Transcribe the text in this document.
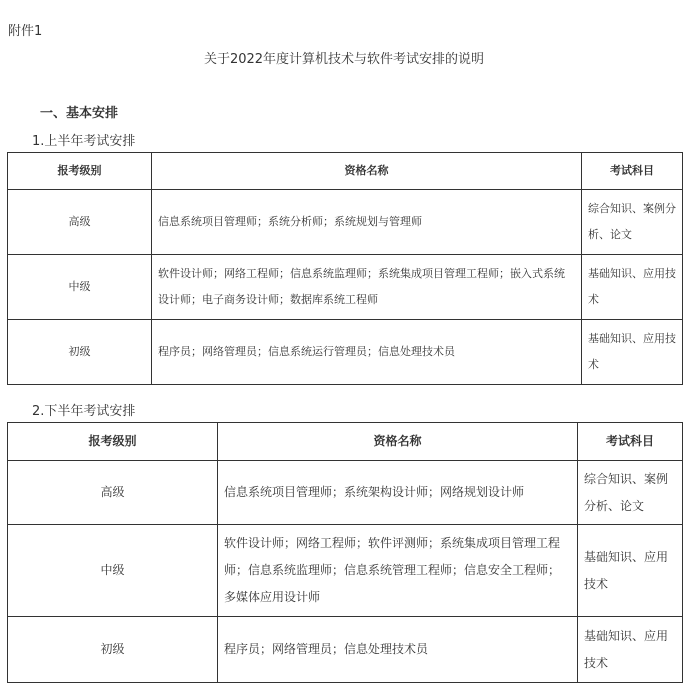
附件1
关于2022年度计算机技术与软件考试安排的说明
一、基本安排
1.上半年考试安排
报考级别	资格名称	考试科目
高级	信息系统项目管理师；系统分析师；系统规划与管理师	综合知识、案例分析、论文
中级	软件设计师；网络工程师；信息系统监理师；系统集成项目管理工程师；嵌入式系统设计师；电子商务设计师；数据库系统工程师	基础知识、应用技术
初级	程序员；网络管理员；信息系统运行管理员；信息处理技术员	基础知识、应用技术
2.下半年考试安排
报考级别	资格名称	考试科目
高级	信息系统项目管理师；系统架构设计师；网络规划设计师	综合知识、案例分析、论文
中级	软件设计师；网络工程师；软件评测师；系统集成项目管理工程师；信息系统监理师；信息系统管理工程师；信息安全工程师；多媒体应用设计师	基础知识、应用技术
初级	程序员；网络管理员；信息处理技术员	基础知识、应用技术
